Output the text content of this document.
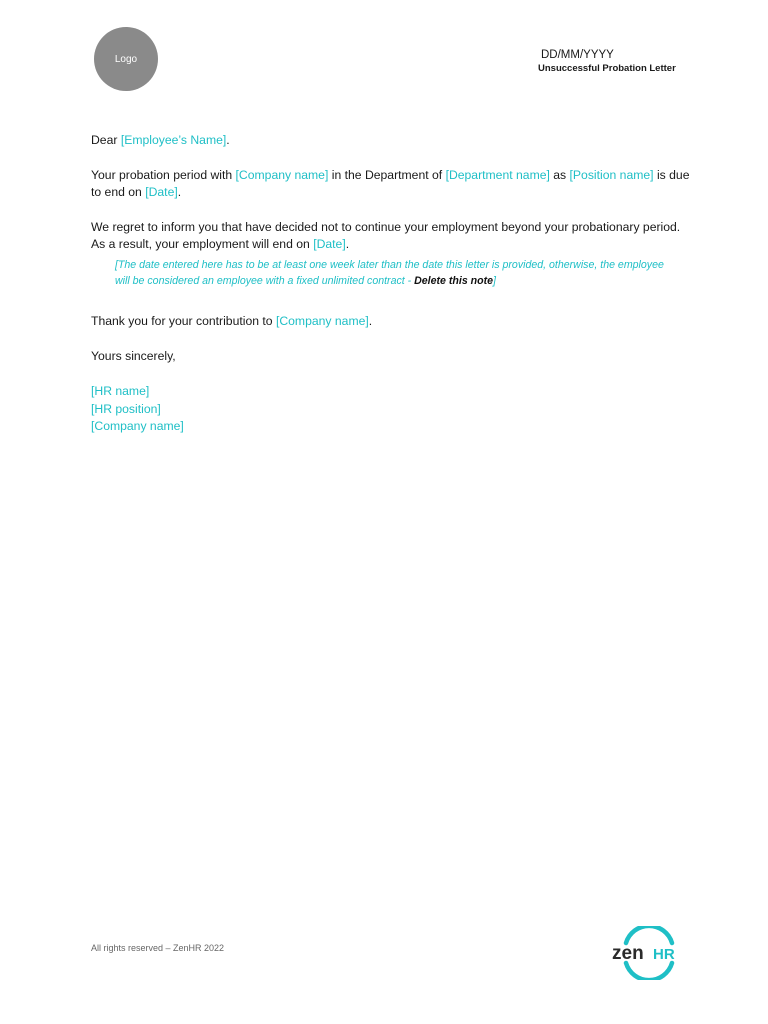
Logo	DD/MM/YYYY
Unsuccessful Probation Letter

Dear [Employee’s Name].

Your probation period with [Company name] in the Department of [Department name] as [Position name] is due to end on [Date].

We regret to inform you that have decided not to continue your employment beyond your probationary period. As a result, your employment will end on [Date].

[The date entered here has to be at least one week later than the date this letter is provided, otherwise, the employee will be considered an employee with a fixed unlimited contract - Delete this note]

Thank you for your contribution to [Company name].

Yours sincerely,

[HR name]

[HR position]

[Company name]

All rights reserved – ZenHR 2022	zen HR
